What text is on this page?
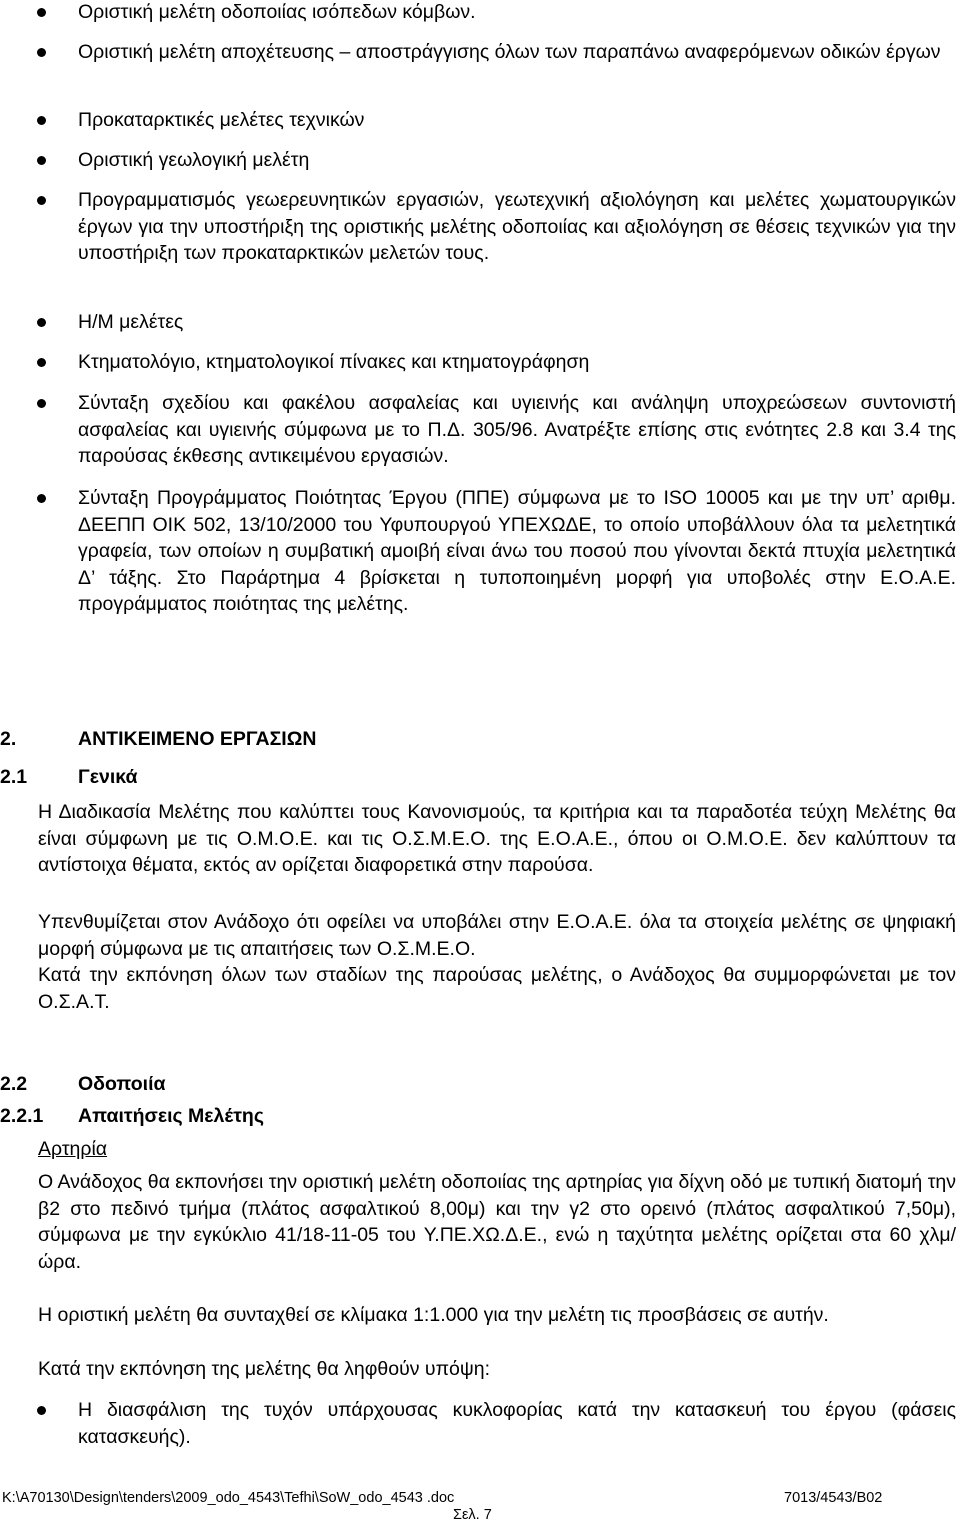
Οριστική μελέτη οδοποιίας ισόπεδων κόμβων.
Οριστική μελέτη αποχέτευσης – αποστράγγισης όλων των παραπάνω αναφερόμενων οδικών έργων
Προκαταρκτικές μελέτες τεχνικών
Οριστική γεωλογική μελέτη
Προγραμματισμός γεωερευνητικών εργασιών, γεωτεχνική αξιολόγηση και μελέτες χωματουργικών έργων για την υποστήριξη της οριστικής μελέτης οδοποιίας και αξιολόγηση σε θέσεις τεχνικών για την υποστήριξη των προκαταρκτικών μελετών τους.
Η/Μ μελέτες
Κτηματολόγιο, κτηματολογικοί πίνακες και κτηματογράφηση
Σύνταξη σχεδίου και φακέλου ασφαλείας και υγιεινής και ανάληψη υποχρεώσεων συντονιστή ασφαλείας και υγιεινής σύμφωνα με το Π.Δ. 305/96. Ανατρέξτε επίσης στις ενότητες 2.8 και 3.4 της παρούσας έκθεσης αντικειμένου εργασιών.
Σύνταξη Προγράμματος Ποιότητας Έργου (ΠΠΕ) σύμφωνα με το ISO 10005 και με την υπ’ αριθμ. ΔΕΕΠΠ ΟΙΚ 502, 13/10/2000 του Υφυπουργού ΥΠΕΧΩΔΕ, το οποίο υποβάλλουν όλα τα μελετητικά γραφεία, των οποίων η συμβατική αμοιβή είναι άνω του ποσού που γίνονται δεκτά πτυχία μελετητικά Δ’ τάξης. Στο Παράρτημα 4 βρίσκεται η τυποποιημένη μορφή για υποβολές στην Ε.Ο.Α.Ε. προγράμματος ποιότητας της μελέτης.
2.	ΑΝΤΙΚΕΙΜΕΝΟ ΕΡΓΑΣΙΩΝ
2.1	Γενικά
Η Διαδικασία Μελέτης που καλύπτει τους Κανονισμούς, τα κριτήρια και τα παραδοτέα τεύχη Μελέτης θα είναι σύμφωνη με τις Ο.Μ.Ο.Ε. και τις Ο.Σ.Μ.Ε.Ο. της Ε.Ο.Α.Ε., όπου οι Ο.Μ.Ο.Ε. δεν καλύπτουν τα αντίστοιχα θέματα, εκτός αν ορίζεται διαφορετικά στην παρούσα.
Υπενθυμίζεται στον Ανάδοχο ότι οφείλει να υποβάλει στην Ε.Ο.Α.Ε. όλα τα στοιχεία μελέτης σε ψηφιακή μορφή σύμφωνα με τις απαιτήσεις των Ο.Σ.Μ.Ε.Ο.
Κατά την εκπόνηση όλων των σταδίων της παρούσας μελέτης, ο Ανάδοχος θα συμμορφώνεται με τον Ο.Σ.Α.Τ.
2.2	Οδοποιία
2.2.1 Απαιτήσεις Μελέτης
Αρτηρία
Ο Ανάδοχος θα εκπονήσει την οριστική μελέτη οδοποιίας της αρτηρίας για δίχνη οδό με τυπική διατομή την β2 στο πεδινό τμήμα (πλάτος ασφαλτικού 8,00μ) και την γ2 στο ορεινό (πλάτος ασφαλτικού 7,50μ), σύμφωνα με την εγκύκλιο 41/18-11-05 του Υ.ΠΕ.ΧΩ.Δ.Ε., ενώ η ταχύτητα μελέτης ορίζεται στα 60 χλμ/ώρα.
Η οριστική μελέτη θα συνταχθεί σε κλίμακα 1:1.000 για την μελέτη τις προσβάσεις σε αυτήν.
Κατά την εκπόνηση της μελέτης θα ληφθούν υπόψη:
Η διασφάλιση της τυχόν υπάρχουσας κυκλοφορίας κατά την κατασκευή του έργου (φάσεις κατασκευής).
K:\A70130\Design\tenders\2009_odo_4543\Tefhi\SoW_odo_4543 .doc	7013/4543/B02
Σελ. 7
